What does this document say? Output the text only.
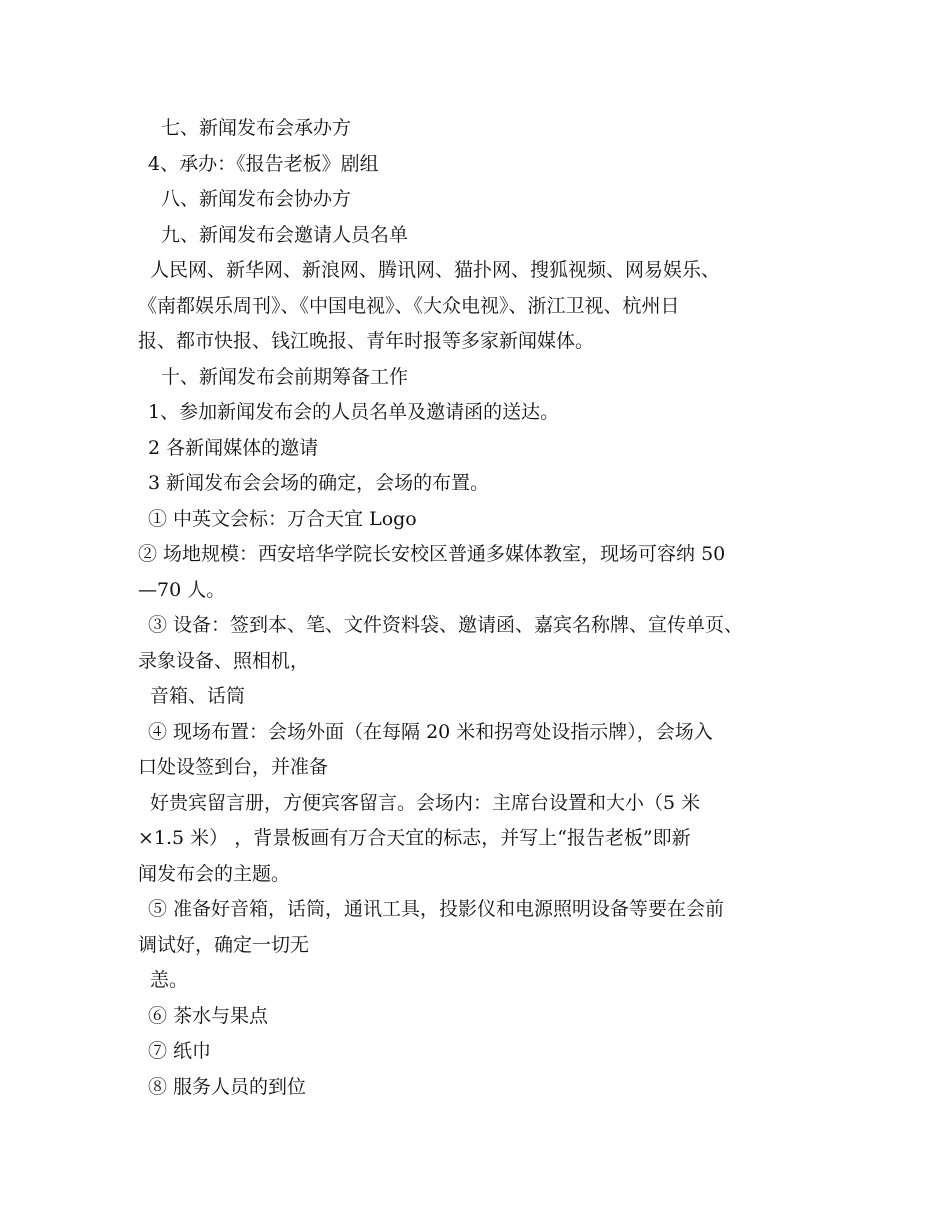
七、新闻发布会承办方
4、承办：《报告老板》剧组
八、新闻发布会协办方
九、新闻发布会邀请人员名单
人民网、新华网、新浪网、腾讯网、猫扑网、搜狐视频、网易娱乐、
《南都娱乐周刊》、《中国电视》、《大众电视》、浙江卫视、杭州日
报、都市快报、钱江晚报、青年时报等多家新闻媒体。
十、新闻发布会前期筹备工作
1、参加新闻发布会的人员名单及邀请函的送达。
2 各新闻媒体的邀请
3 新闻发布会会场的确定，会场的布置。
① 中英文会标：万合天宜 Logo
② 场地规模：西安培华学院长安校区普通多媒体教室，现场可容纳 50
—70 人。
③ 设备：签到本、笔、文件资料袋、邀请函、嘉宾名称牌、宣传单页、
录象设备、照相机，
音箱、话筒
④ 现场布置：会场外面（在每隔 20 米和拐弯处设指示牌），会场入
口处设签到台，并准备
好贵宾留言册，方便宾客留言。会场内：主席台设置和大小（5 米
×1.5 米） ，背景板画有万合天宜的标志，并写上“报告老板”即新
闻发布会的主题。
⑤ 准备好音箱，话筒，通讯工具，投影仪和电源照明设备等要在会前
调试好，确定一切无
恙。
⑥ 茶水与果点
⑦ 纸巾
⑧ 服务人员的到位
